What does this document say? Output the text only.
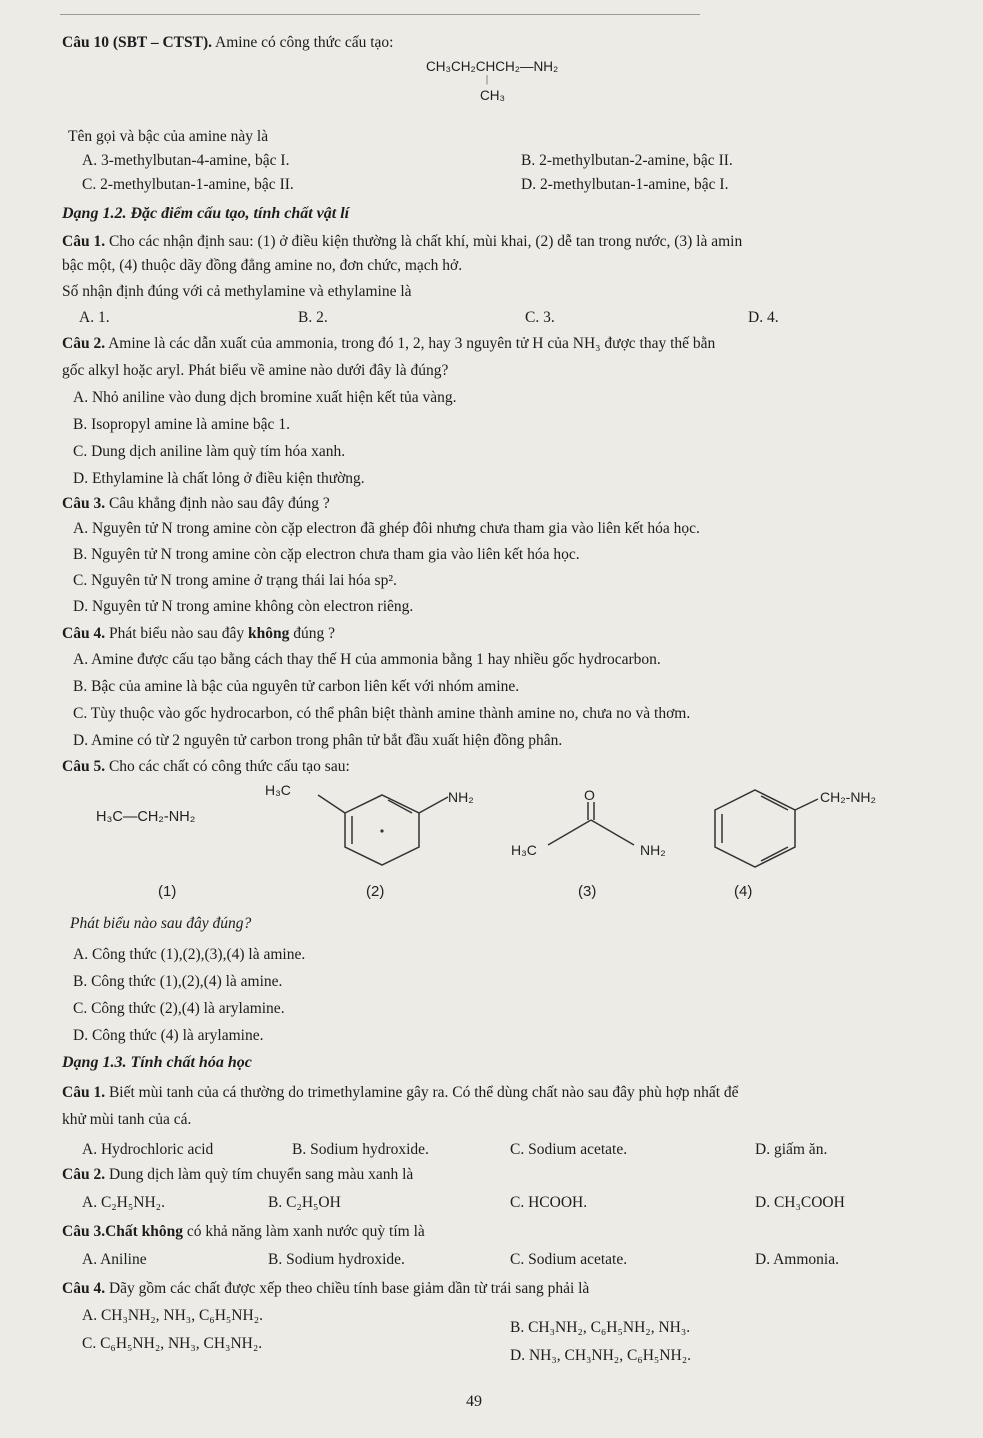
Câu 10 (SBT – CTST). Amine có công thức cấu tạo:
CH₃CH₂CHCH₂—NH₂
|
CH₃
Tên gọi và bậc của amine này là
A. 3-methylbutan-4-amine, bậc I.	B. 2-methylbutan-2-amine, bậc II.
C. 2-methylbutan-1-amine, bậc II.	D. 2-methylbutan-1-amine, bậc I.
Dạng 1.2. Đặc điểm cấu tạo, tính chất vật lí
Câu 1. Cho các nhận định sau: (1) ở điều kiện thường là chất khí, mùi khai, (2) dễ tan trong nước, (3) là amin
bậc một, (4) thuộc dãy đồng đẳng amine no, đơn chức, mạch hở.
Số nhận định đúng với cả methylamine và ethylamine là
A. 1.	B. 2.	C. 3.	D. 4.
Câu 2. Amine là các dẫn xuất của ammonia, trong đó 1, 2, hay 3 nguyên tử H của NH₃ được thay thế bằn
gốc alkyl hoặc aryl. Phát biểu về amine nào dưới đây là đúng?
A. Nhỏ aniline vào dung dịch bromine xuất hiện kết tủa vàng.
B. Isopropyl amine là amine bậc 1.
C. Dung dịch aniline làm quỳ tím hóa xanh.
D. Ethylamine là chất lỏng ở điều kiện thường.
Câu 3. Câu khẳng định nào sau đây đúng ?
A. Nguyên tử N trong amine còn cặp electron đã ghép đôi nhưng chưa tham gia vào liên kết hóa học.
B. Nguyên tử N trong amine còn cặp electron chưa tham gia vào liên kết hóa học.
C. Nguyên tử N trong amine ở trạng thái lai hóa sp².
D. Nguyên tử N trong amine không còn electron riêng.
Câu 4. Phát biểu nào sau đây không đúng ?
A. Amine được cấu tạo bằng cách thay thế H của ammonia bằng 1 hay nhiều gốc hydrocarbon.
B. Bậc của amine là bậc của nguyên tử carbon liên kết với nhóm amine.
C. Tùy thuộc vào gốc hydrocarbon, có thể phân biệt thành amine thành amine no, chưa no và thơm.
D. Amine có từ 2 nguyên tử carbon trong phân tử bắt đầu xuất hiện đồng phân.
Câu 5. Cho các chất có công thức cấu tạo sau:
H₃C—CH₂-NH₂
H₃C	NH₂	O
H₃C	NH₂
CH₂-NH₂
(1)	(2)	(3)	(4)
Phát biểu nào sau đây đúng?
A. Công thức (1),(2),(3),(4) là amine.
B. Công thức (1),(2),(4) là amine.
C. Công thức (2),(4) là arylamine.
D. Công thức (4) là arylamine.
Dạng 1.3. Tính chất hóa học
Câu 1. Biết mùi tanh của cá thường do trimethylamine gây ra. Có thể dùng chất nào sau đây phù hợp nhất để
khử mùi tanh của cá.
A. Hydrochloric acid	B. Sodium hydroxide.	C. Sodium acetate.	D. giấm ăn.
Câu 2. Dung dịch làm quỳ tím chuyển sang màu xanh là
A. C₂H₅NH₂.	B. C₂H₅OH	C. HCOOH.	D. CH₃COOH
Câu 3.Chất không có khả năng làm xanh nước quỳ tím là
A. Aniline	B. Sodium hydroxide.	C. Sodium acetate.	D. Ammonia.
Câu 4. Dãy gồm các chất được xếp theo chiều tính base giảm dần từ trái sang phải là
A. CH₃NH₂, NH₃, C₆H₅NH₂.
B. CH₃NH₂, C₆H₅NH₂, NH₃.
C. C₆H₅NH₂, NH₃, CH₃NH₂.
D. NH₃, CH₃NH₂, C₆H₅NH₂.
49
